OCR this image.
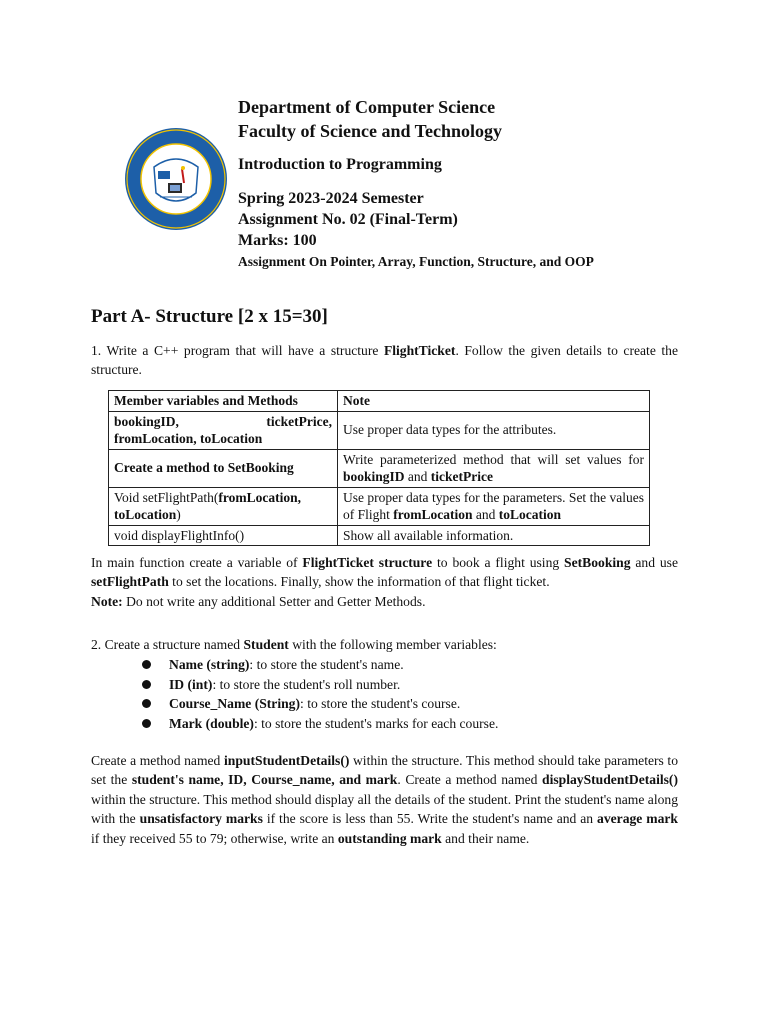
Department of Computer Science
Faculty of Science and Technology
Introduction to Programming
Spring 2023-2024 Semester
Assignment No. 02 (Final-Term)
Marks: 100
Assignment On Pointer, Array, Function, Structure, and OOP
Part A- Structure [2 x 15=30]
1. Write a C++ program that will have a structure FlightTicket. Follow the given details to create the structure.
Member variables and Methods	Note

bookingID, ticketPrice,
fromLocation, toLocation	Use proper data types for the attributes.
Create a method to SetBooking	Write parameterized method that will set values for bookingID and ticketPrice
Void setFlightPath(fromLocation, toLocation)	Use proper data types for the parameters. Set the values of Flight fromLocation and toLocation
void displayFlightInfo()	Show all available information.
In main function create a variable of FlightTicket structure to book a flight using SetBooking and use setFlightPath to set the locations. Finally, show the information of that flight ticket.
Note: Do not write any additional Setter and Getter Methods.
2. Create a structure named Student with the following member variables:
Name (string): to store the student's name.
ID (int): to store the student's roll number.
Course_Name (String): to store the student's course.
Mark (double): to store the student's marks for each course.
Create a method named inputStudentDetails() within the structure. This method should take parameters to set the student's name, ID, Course_name, and mark. Create a method named displayStudentDetails() within the structure. This method should display all the details of the student. Print the student's name along with the unsatisfactory marks if the score is less than 55. Write the student's name and an average mark if they received 55 to 79; otherwise, write an outstanding mark and their name.
